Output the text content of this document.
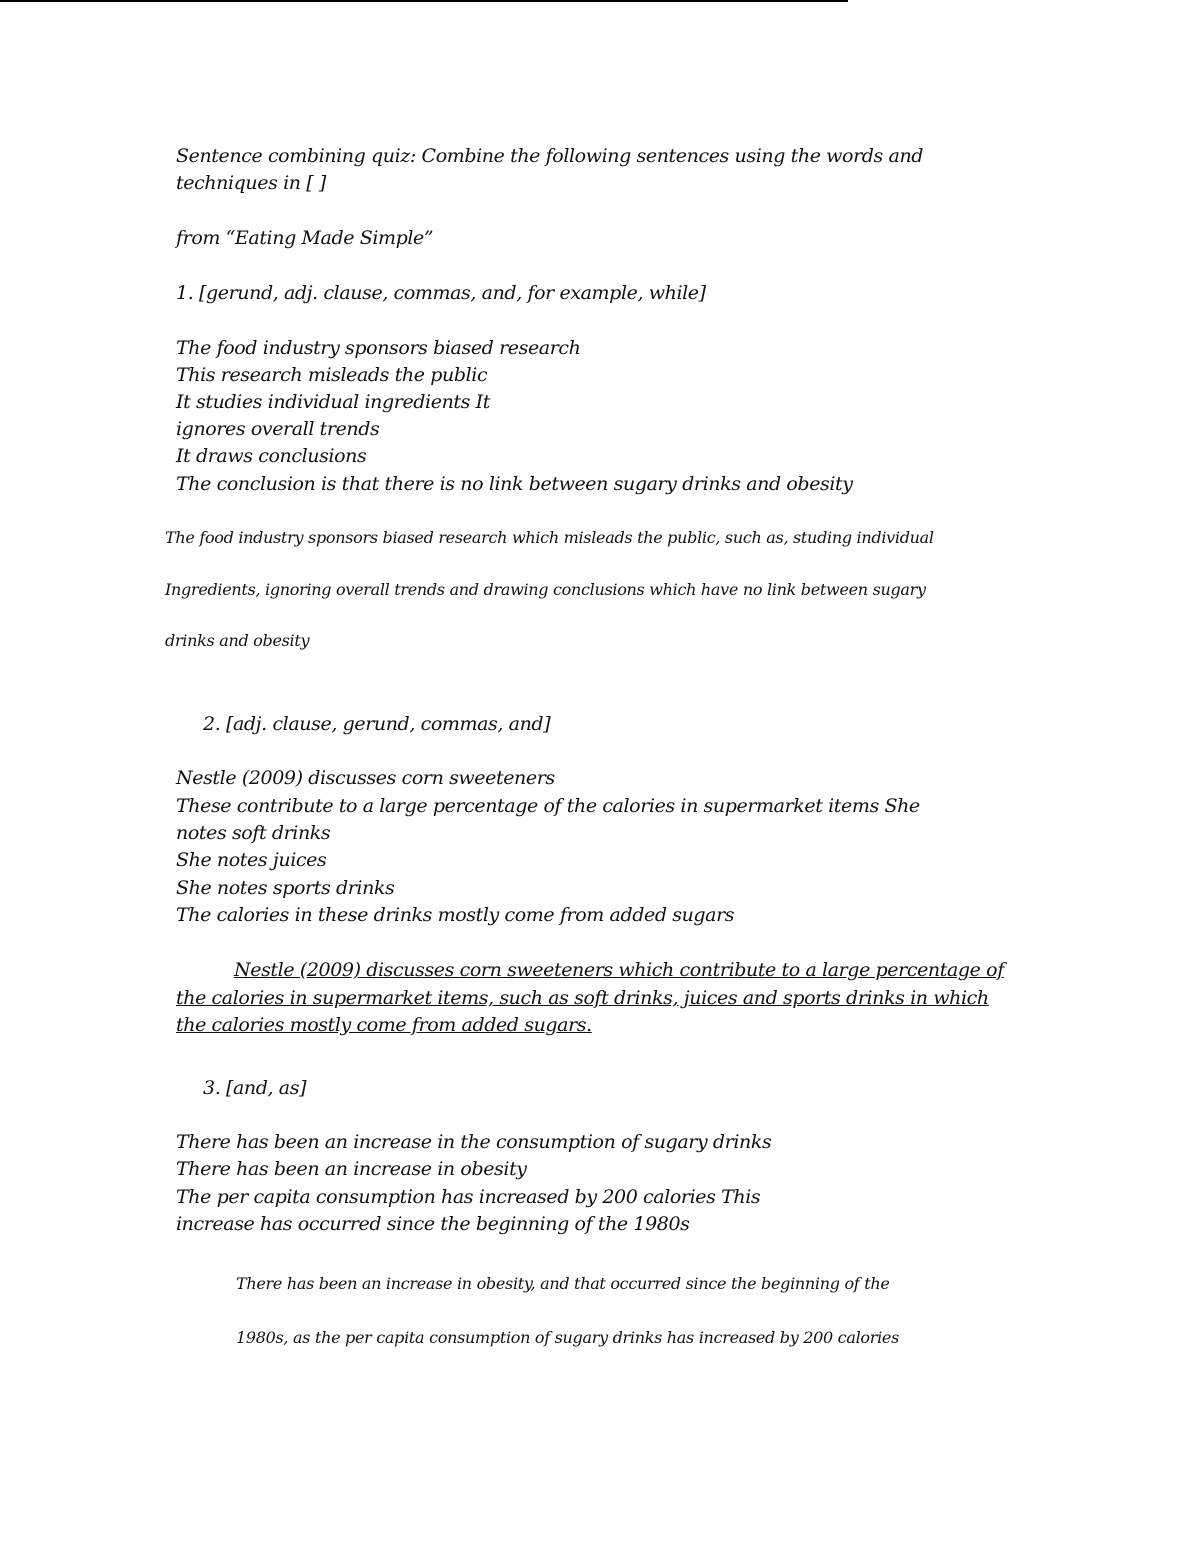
Sentence combining quiz: Combine the following sentences using the words and
techniques in [ ]
from “Eating Made Simple”
1. [gerund, adj. clause, commas, and, for example, while]
The food industry sponsors biased research
This research misleads the public
It studies individual ingredients It
ignores overall trends
It draws conclusions
The conclusion is that there is no link between sugary drinks and obesity
The food industry sponsors biased research which misleads the public, such as, studing individual
Ingredients, ignoring overall trends and drawing conclusions which have no link between sugary
drinks and obesity
2. [adj. clause, gerund, commas, and]
Nestle (2009) discusses corn sweeteners
These contribute to a large percentage of the calories in supermarket items She
notes soft drinks
She notes juices
She notes sports drinks
The calories in these drinks mostly come from added sugars
Nestle (2009) discusses corn sweeteners which contribute to a large percentage of
the calories in supermarket items, such as soft drinks, juices and sports drinks in which
the calories mostly come from added sugars.
3. [and, as]
There has been an increase in the consumption of sugary drinks
There has been an increase in obesity
The per capita consumption has increased by 200 calories This
increase has occurred since the beginning of the 1980s
There has been an increase in obesity, and that occurred since the beginning of the
1980s, as the per capita consumption of sugary drinks has increased by 200 calories
